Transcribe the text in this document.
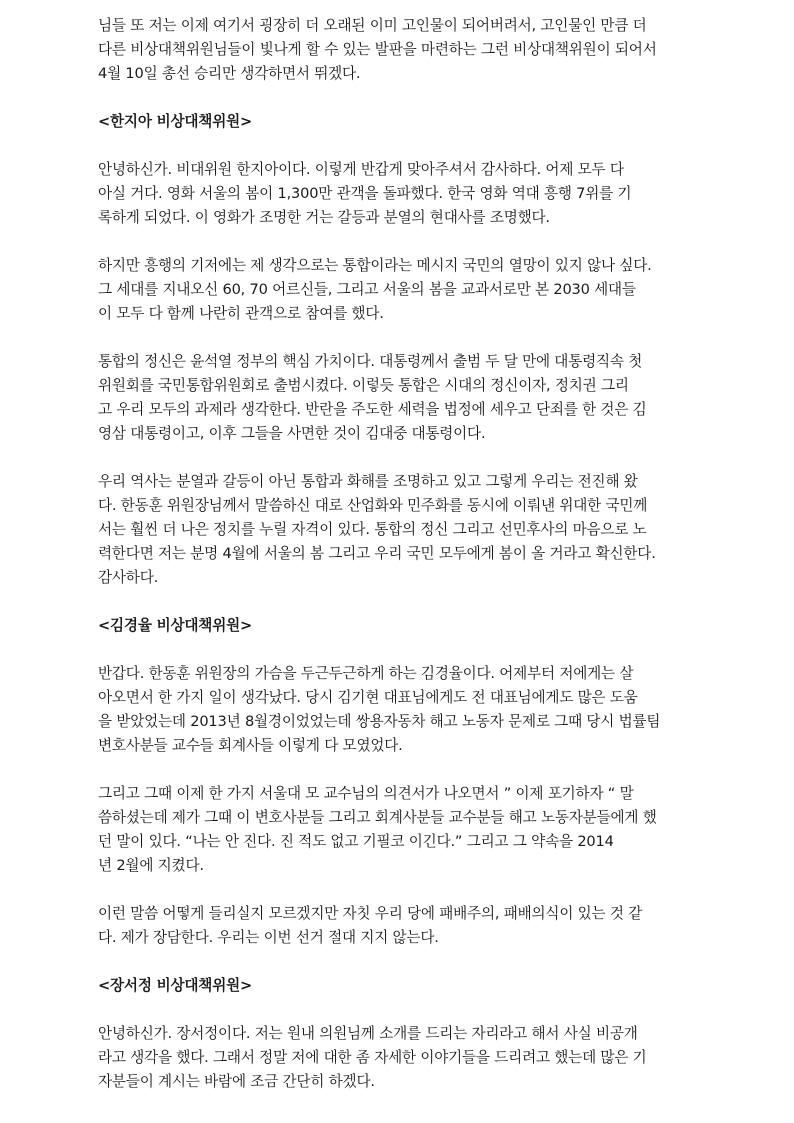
님들 또 저는 이제 여기서 굉장히 더 오래된 이미 고인물이 되어버려서, 고인물인 만큼 더
다른 비상대책위원님들이 빛나게 할 수 있는 발판을 마련하는 그런 비상대책위원이 되어서
4월 10일 총선 승리만 생각하면서 뛰겠다.
<한지아 비상대책위원>
안녕하신가. 비대위원 한지아이다. 이렇게 반갑게 맞아주셔서 감사하다. 어제 모두 다
아실 거다. 영화 서울의 봄이 1,300만 관객을 돌파했다. 한국 영화 역대 흥행 7위를 기
록하게 되었다. 이 영화가 조명한 거는 갈등과 분열의 현대사를 조명했다.
하지만 흥행의 기저에는 제 생각으로는 통합이라는 메시지 국민의 열망이 있지 않나 싶다.
그 세대를 지내오신 60, 70 어르신들, 그리고 서울의 봄을 교과서로만 본 2030 세대들
이 모두 다 함께 나란히 관객으로 참여를 했다.
통합의 정신은 윤석열 정부의 핵심 가치이다. 대통령께서 출범 두 달 만에 대통령직속 첫
위원회를 국민통합위원회로 출범시켰다. 이렇듯 통합은 시대의 정신이자, 정치권 그리
고 우리 모두의 과제라 생각한다. 반란을 주도한 세력을 법정에 세우고 단죄를 한 것은 김
영삼 대통령이고, 이후 그들을 사면한 것이 김대중 대통령이다.
우리 역사는 분열과 갈등이 아닌 통합과 화해를 조명하고 있고 그렇게 우리는 전진해 왔
다. 한동훈 위원장님께서 말씀하신 대로 산업화와 민주화를 동시에 이뤄낸 위대한 국민께
서는 훨씬 더 나은 정치를 누릴 자격이 있다. 통합의 정신 그리고 선민후사의 마음으로 노
력한다면 저는 분명 4월에 서울의 봄 그리고 우리 국민 모두에게 봄이 올 거라고 확신한다.
감사하다.
<김경율 비상대책위원>
반갑다. 한동훈 위원장의 가슴을 두근두근하게 하는 김경율이다. 어제부터 저에게는 살
아오면서 한 가지 일이 생각났다. 당시 김기현 대표님에게도 전 대표님에게도 많은 도움
을 받았었는데 2013년 8월경이었었는데 쌍용자동차 해고 노동자 문제로 그때 당시 법률팀
변호사분들 교수들 회계사들 이렇게 다 모였었다.
그리고 그때 이제 한 가지 서울대 모 교수님의 의견서가 나오면서 ” 이제 포기하자 “ 말
씀하셨는데 제가 그때 이 변호사분들 그리고 회계사분들 교수분들 해고 노동자분들에게 했
던 말이 있다. “나는 안 진다. 진 적도 없고 기필코 이긴다.” 그리고 그 약속을 2014
년 2월에 지켰다.
이런 말씀 어떻게 들리실지 모르겠지만 자칫 우리 당에 패배주의, 패배의식이 있는 것 같
다. 제가 장담한다. 우리는 이번 선거 절대 지지 않는다.
<장서정 비상대책위원>
안녕하신가. 장서정이다. 저는 원내 의원님께 소개를 드리는 자리라고 해서 사실 비공개
라고 생각을 했다. 그래서 정말 저에 대한 좀 자세한 이야기들을 드리려고 했는데 많은 기
자분들이 계시는 바람에 조금 간단히 하겠다.
